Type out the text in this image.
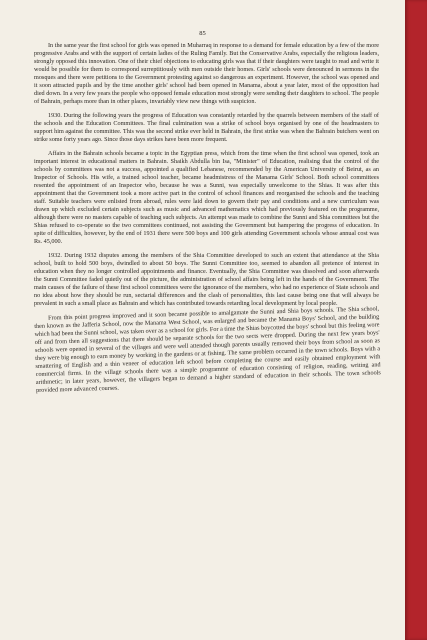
85

In the same year the first school for girls was opened in Muharraq in response to a demand for female education by a few of the more progressive Arabs and with the support of certain ladies of the Ruling Family. But the Conservative Arabs, especially the religious leaders, strongly opposed this innovation. One of their chief objections to educating girls was that if their daughters were taught to read and write it would be possible for them to correspond surreptitiously with men outside their homes. Girls' schools were denounced in sermons in the mosques and there were petitions to the Government protesting against so dangerous an experiment. However, the school was opened and it soon attracted pupils and by the time another girls' school had been opened in Manama, about a year later, most of the opposition had died down. In a very few years the people who opposed female education most strongly were sending their daughters to school. The people of Bahrain, perhaps more than in other places, invariably view new things with suspicion.

1930. During the following years the progress of Education was constantly retarded by the quarrels between members of the staff of the schools and the Education Committees. The final culmination was a strike of school boys organised by one of the headmasters to support him against the committee. This was the second strike ever held in Bahrain, the first strike was when the Bahrain butchers went on strike some forty years ago. Since those days strikes have been more frequent.

Affairs in the Bahrain schools became a topic in the Egyptian press, which from the time when the first school was opened, took an important interest in educational matters in Bahrain. Shaikh Abdulla bin Isa, "Minister" of Education, realising that the control of the schools by committees was not a success, appointed a qualified Lebanese, recommended by the American University of Beirut, as an Inspector of Schools. His wife, a trained school teacher, became headmistress of the Manama Girls' School. Both school committees resented the appointment of an Inspector who, because he was a Sunni, was especially unwelcome to the Shias. It was after this appointment that the Government took a more active part in the control of school finances and reorganised the schools and the teaching staff. Suitable teachers were enlisted from abroad, rules were laid down to govern their pay and conditions and a new curriculum was drawn up which excluded certain subjects such as music and advanced mathematics which had previously featured on the programme, although there were no masters capable of teaching such subjects. An attempt was made to combine the Sunni and Shia committees but the Shias refused to co-operate so the two committees continued, not assisting the Government but hampering the progress of education. In spite of difficulties, however, by the end of 1931 there were 500 boys and 100 girls attending Government schools whose annual cost was Rs. 45,000.

1932. During 1932 disputes among the members of the Shia Committee developed to such an extent that attendance at the Shia school, built to hold 500 boys, dwindled to about 50 boys. The Sunni Committee too, seemed to abandon all pretence of interest in education when they no longer controlled appointments and finance. Eventually, the Shia Committee was dissolved and soon afterwards the Sunni Committee faded quietly out of the picture, the administration of school affairs being left in the hands of the Government. The main causes of the failure of these first school committees were the ignorance of the members, who had no experience of State schools and no idea about how they should be run, sectarial differences and the clash of personalities, this last cause being one that will always be prevalent in such a small place as Bahrain and which has contributed towards retarding local development by local people.

From this point progress improved and it soon became possible to amalgamate the Sunni and Shia boys schools. The Shia school, then known as the Jafferia School, now the Manama West School, was enlarged and became the Manama Boys' School, and the building which had been the Sunni school, was taken over as a school for girls. For a time the Shias boycotted the boys' school but this feeling wore off and from then all suggestions that there should be separate schools for the two sects were dropped. During the next few years boys' schools were opened in several of the villages and were well attended though parents usually removed their boys from school as soon as they were big enough to earn money by working in the gardens or at fishing. The same problem occurred in the town schools. Boys with a smattering of English and a thin veneer of education left school before completing the course and easily obtained employment with commercial firms. In the village schools there was a simple programme of education consisting of religion, reading, writing and arithmetic; in later years, however, the villagers began to demand a higher standard of education in their schools. The town schools provided more advanced courses.
